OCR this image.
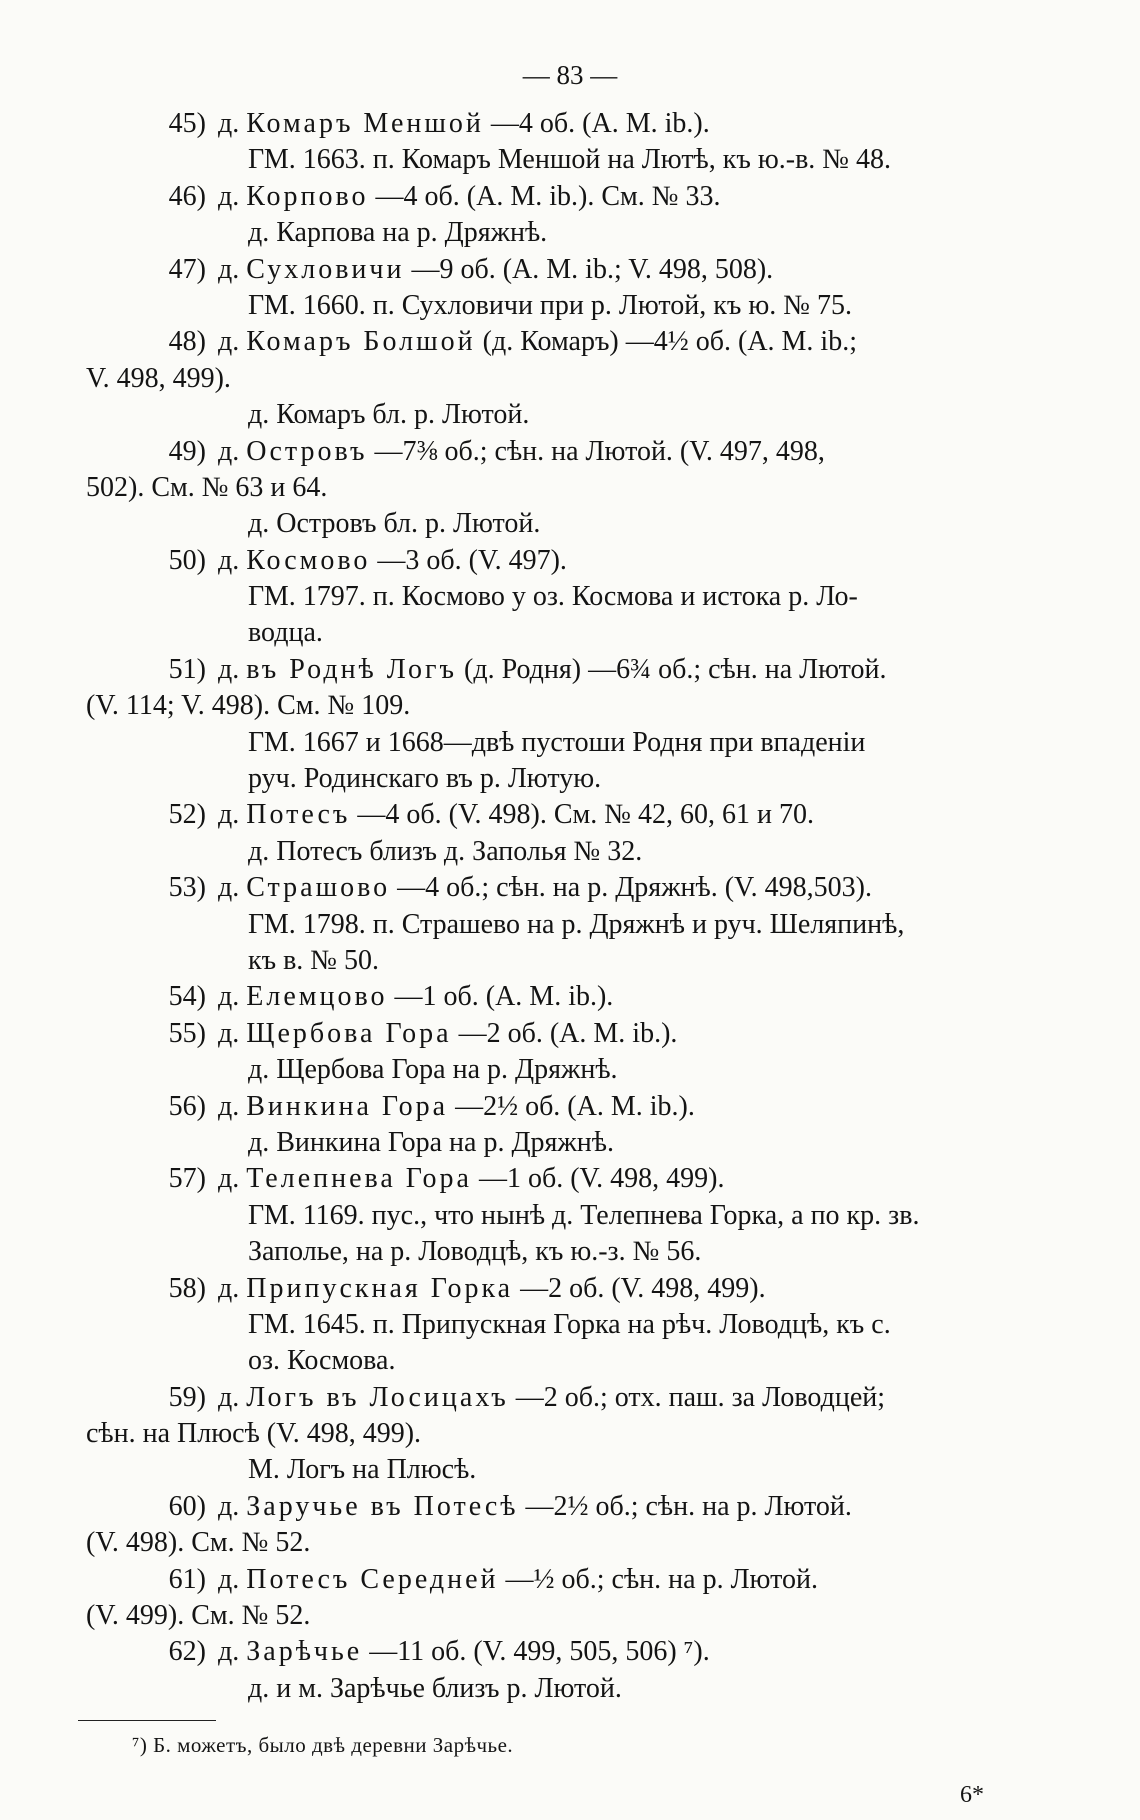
— 83 —
45) д. Комаръ Меншой —4 об. (А. М. ib.).
ГМ. 1663. п. Комаръ Меншой на Лютѣ, къ ю.-в. № 48.
46) д. Корпово —4 об. (А. М. ib.). См. № 33.
д. Карпова на р. Дряжнѣ.
47) д. Сухловичи —9 об. (А. М. ib.; V. 498, 508).
ГМ. 1660. п. Сухловичи при р. Лютой, къ ю. № 75.
48) д. Комаръ Болшой (д. Комаръ) —4½ об. (А. М. ib.;
V. 498, 499).
д. Комаръ бл. р. Лютой.
49) д. Островъ —7⅜ об.; сѣн. на Лютой. (V. 497, 498,
502). См. № 63 и 64.
д. Островъ бл. р. Лютой.
50) д. Космово —3 об. (V. 497).
ГМ. 1797. п. Космово у оз. Космова и истока р. Ло-
водца.
51) д. въ Роднѣ Логъ (д. Родня) —6¾ об.; сѣн. на Лютой.
(V. 114; V. 498). См. № 109.
ГМ. 1667 и 1668—двѣ пустоши Родня при впаденіи
руч. Родинскаго въ р. Лютую.
52) д. Потесъ —4 об. (V. 498). См. № 42, 60, 61 и 70.
д. Потесъ близъ д. Заполья № 32.
53) д. Страшово —4 об.; сѣн. на р. Дряжнѣ. (V. 498,503).
ГМ. 1798. п. Страшево на р. Дряжнѣ и руч. Шеляпинѣ,
къ в. № 50.
54) д. Елемцово —1 об. (А. М. ib.).
55) д. Щербова Гора —2 об. (А. М. ib.).
д. Щербова Гора на р. Дряжнѣ.
56) д. Винкина Гора —2½ об. (А. М. ib.).
д. Винкина Гора на р. Дряжнѣ.
57) д. Телепнева Гора —1 об. (V. 498, 499).
ГМ. 1169. пус., что нынѣ д. Телепнева Горка, а по кр. зв.
Заполье, на р. Ловодцѣ, къ ю.-з. № 56.
58) д. Припускная Горка —2 об. (V. 498, 499).
ГМ. 1645. п. Припускная Горка на рѣч. Ловодцѣ, къ с.
оз. Космова.
59) д. Логъ въ Лосицахъ —2 об.; отх. паш. за Ловодцей;
сѣн. на Плюсѣ (V. 498, 499).
М. Логъ на Плюсѣ.
60) д. Заручье въ Потесѣ —2½ об.; сѣн. на р. Лютой.
(V. 498). См. № 52.
61) д. Потесъ Середней —½ об.; сѣн. на р. Лютой.
(V. 499). См. № 52.
62) д. Зарѣчье —11 об. (V. 499, 505, 506) ⁷).
д. и м. Зарѣчье близъ р. Лютой.
⁷) Б. можетъ, было двѣ деревни Зарѣчье.
6*
